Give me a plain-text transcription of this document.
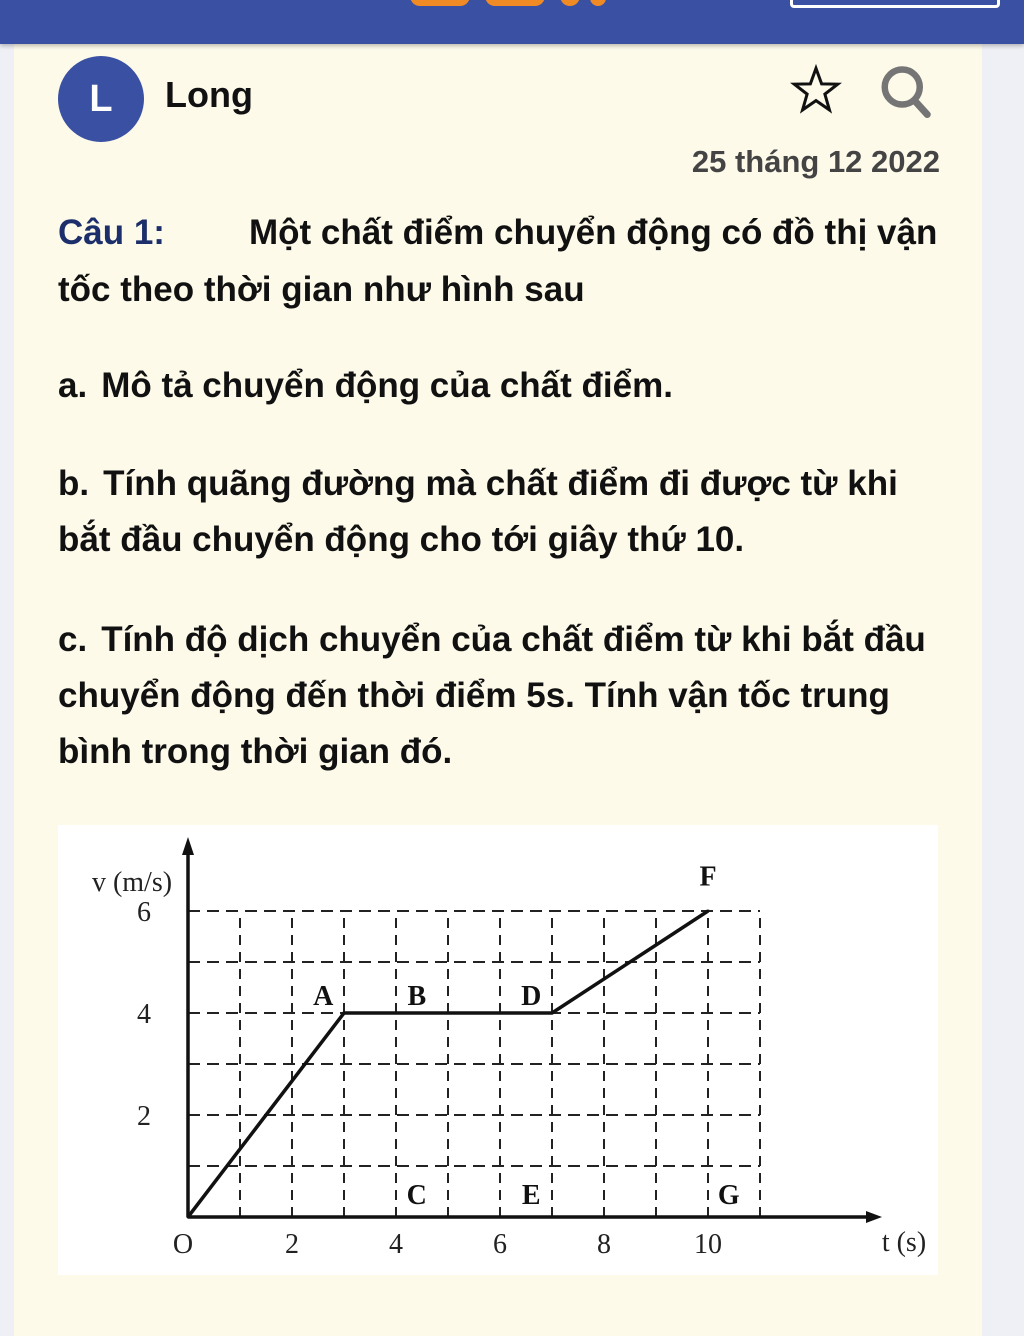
L	Long
25 tháng 12 2022
Câu 1: Một chất điểm chuyển động có đồ thị vận tốc theo thời gian như hình sau
a. Mô tả chuyển động của chất điểm.
b. Tính quãng đường mà chất điểm đi được từ khi bắt đầu chuyển động cho tới giây thứ 10.
c. Tính độ dịch chuyển của chất điểm từ khi bắt đầu chuyển động đến thời điểm 5s. Tính vận tốc trung bình trong thời gian đó.
v (m/s)
t (s)
O	2	4	6	8	10
2
4
6
A	B	D
F
C	E	G
